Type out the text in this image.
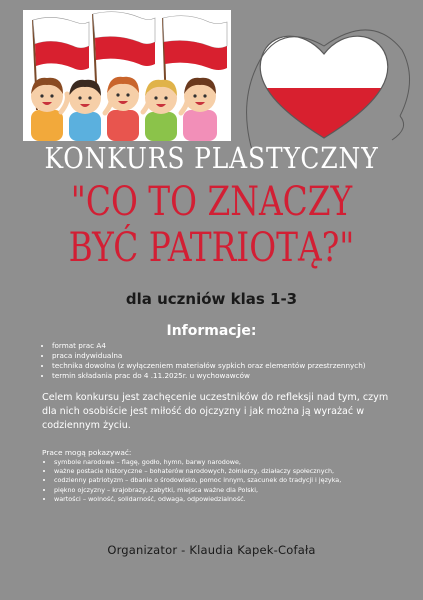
KONKURS PLASTYCZNY
"CO TO ZNACZY
BYĆ PATRIOTĄ?"
dla uczniów klas 1-3
Informacje:
• format prac A4
• praca indywidualna
• technika dowolna (z wyłączeniem materiałów sypkich oraz elementów przestrzennych)
• termin składania prac do 4 .11.2025r. u wychowawców
Celem konkursu jest zachęcenie uczestników do refleksji nad tym, czym dla nich osobiście jest miłość do ojczyzny i jak można ją wyrażać w codziennym życiu.
Prace mogą pokazywać:
• symbole narodowe – flagę, godło, hymn, barwy narodowe,
• ważne postacie historyczne – bohaterów narodowych, żołnierzy, działaczy społecznych,
• codzienny patriotyzm – dbanie o środowisko, pomoc innym, szacunek do tradycji i języka,
• piękno ojczyzny – krajobrazy, zabytki, miejsca ważne dla Polski,
• wartości – wolność, solidarność, odwaga, odpowiedzialność.
Organizator - Klaudia Kapek-Cofała
